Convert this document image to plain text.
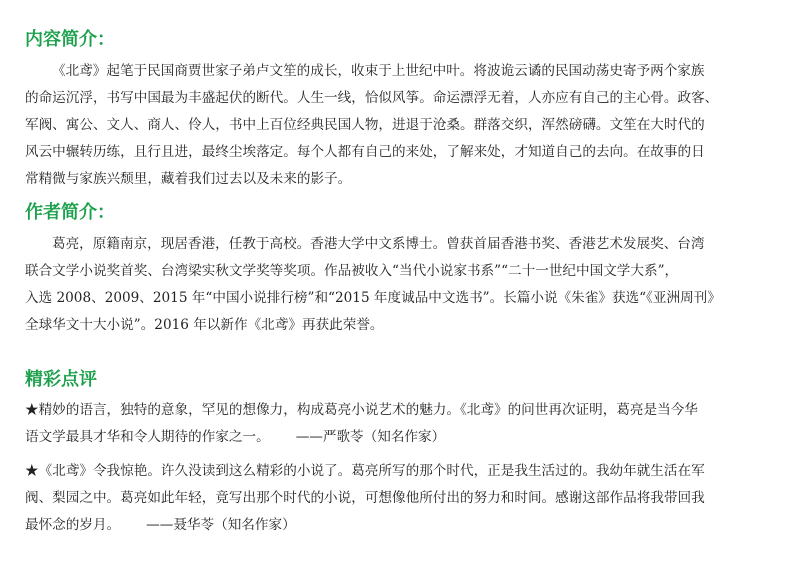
内容简介：
《北鸢》起笔于民国商贾世家子弟卢文笙的成长，收束于上世纪中叶。将波诡云谲的民国动荡史寄予两个家族
的命运沉浮，书写中国最为丰盛起伏的断代。人生一线，恰似风筝。命运漂浮无着，人亦应有自己的主心骨。政客、
军阀、寓公、文人、商人、伶人，书中上百位经典民国人物，进退于沧桑。群落交织，浑然磅礴。文笙在大时代的
风云中辗转历练，且行且进，最终尘埃落定。每个人都有自己的来处，了解来处，才知道自己的去向。在故事的日
常精微与家族兴颓里，藏着我们过去以及未来的影子。
作者简介：
葛亮，原籍南京，现居香港，任教于高校。香港大学中文系博士。曾获首届香港书奖、香港艺术发展奖、台湾
联合文学小说奖首奖、台湾梁实秋文学奖等奖项。作品被收入“当代小说家书系”“二十一世纪中国文学大系”，
入选 2008、2009、2015 年“中国小说排行榜”和“2015 年度诚品中文选书”。长篇小说《朱雀》获选“《亚洲周刊》
全球华文十大小说”。2016 年以新作《北鸢》再获此荣誉。
精彩点评
★精妙的语言，独特的意象，罕见的想像力，构成葛亮小说艺术的魅力。《北鸢》的问世再次证明，葛亮是当今华
语文学最具才华和令人期待的作家之一。 ——严歌苓（知名作家）
★《北鸢》令我惊艳。许久没读到这么精彩的小说了。葛亮所写的那个时代，正是我生活过的。我幼年就生活在军
阀、梨园之中。葛亮如此年轻，竟写出那个时代的小说，可想像他所付出的努力和时间。感谢这部作品将我带回我
最怀念的岁月。 ——聂华苓（知名作家）
